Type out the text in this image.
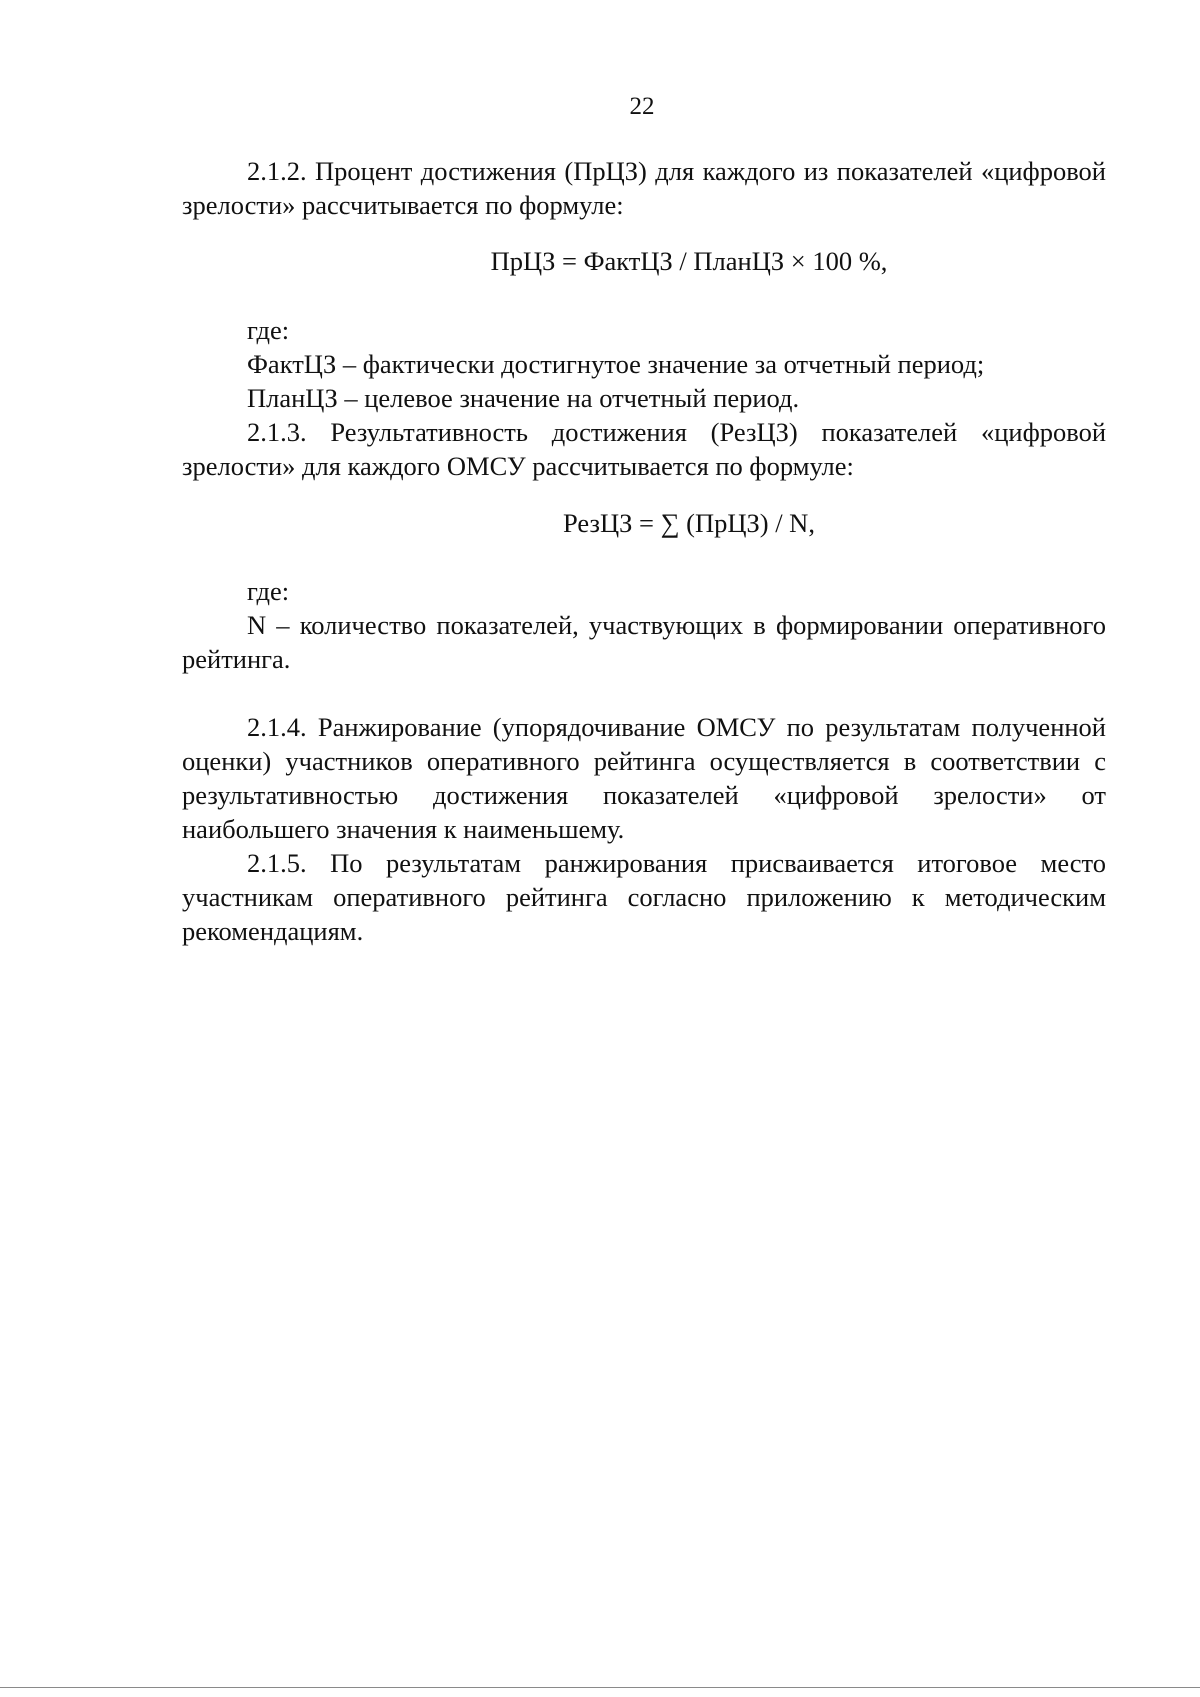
22

2.1.2. Процент достижения (ПрЦЗ) для каждого из показателей «цифровой зрелости» рассчитывается по формуле:

ПрЦЗ = ФактЦЗ / ПланЦЗ × 100 %,

где:

ФактЦЗ – фактически достигнутое значение за отчетный период;

ПланЦЗ – целевое значение на отчетный период.

2.1.3. Результативность достижения (РезЦЗ) показателей «цифровой зрелости» для каждого ОМСУ рассчитывается по формуле:

РезЦЗ = ∑ (ПрЦЗ) / N,

где:

N – количество показателей, участвующих в формировании оперативного рейтинга.

2.1.4. Ранжирование (упорядочивание ОМСУ по результатам полученной оценки) участников оперативного рейтинга осуществляется в соответствии с результативностью достижения показателей «цифровой зрелости» от наибольшего значения к наименьшему.

2.1.5. По результатам ранжирования присваивается итоговое место участникам оперативного рейтинга согласно приложению к методическим рекомендациям.
